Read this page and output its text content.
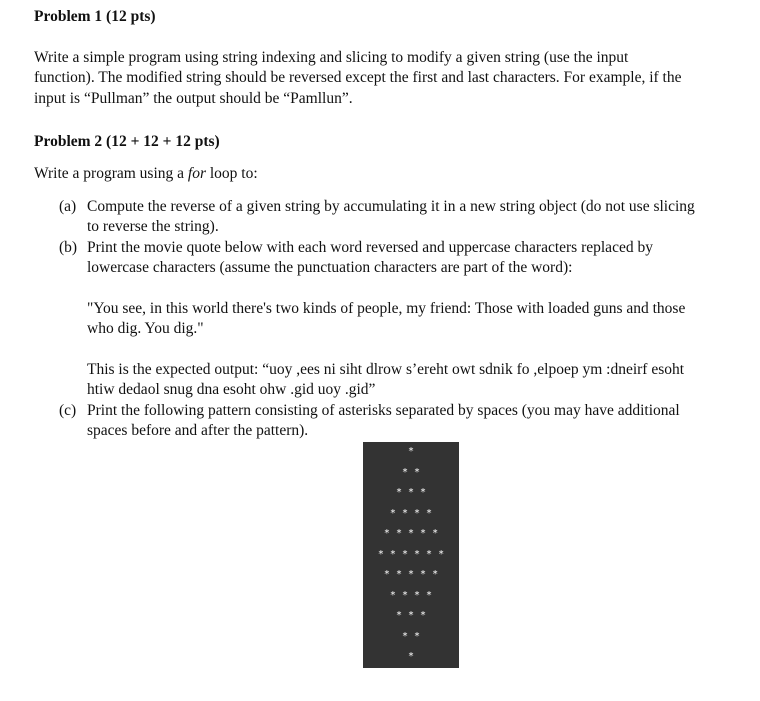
Problem 1 (12 pts)
Write a simple program using string indexing and slicing to modify a given string (use the input
function). The modified string should be reversed except the first and last characters. For example, if the
input is “Pullman” the output should be “Pamllun”.
Problem 2 (12 + 12 + 12 pts)
Write a program using a for loop to:
(a) Compute the reverse of a given string by accumulating it in a new string object (do not use slicing
to reverse the string).
(b) Print the movie quote below with each word reversed and uppercase characters replaced by
lowercase characters (assume the punctuation characters are part of the word):
"You see, in this world there's two kinds of people, my friend: Those with loaded guns and those
who dig. You dig."
This is the expected output: “uoy ,ees ni siht dlrow s’ereht owt sdnik fo ,elpoep ym :dneirf esoht
htiw dedaol snug dna esoht ohw .gid uoy .gid”
(c) Print the following pattern consisting of asterisks separated by spaces (you may have additional
spaces before and after the pattern).
*
* *
* * *
* * * *
* * * * *
* * * * * *
* * * * *
* * * *
* * *
* *
*
